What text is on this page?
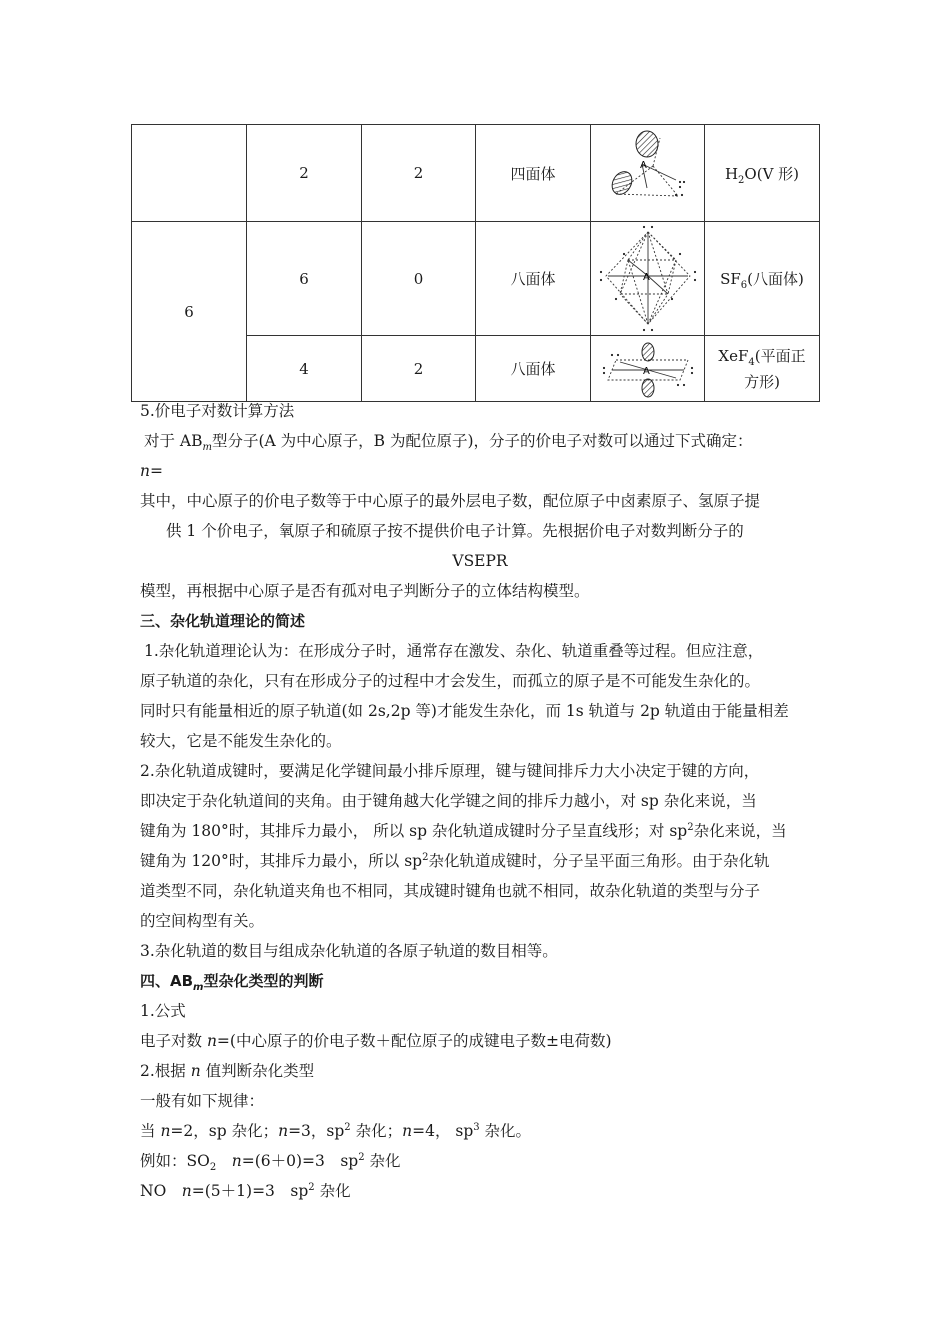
	2	2	四面体	A	$H_2O(V$ 形)
6	6	0	八面体	A	$SF_6$(八面体)
	4	2	八面体	A	XeF$_4$(平面正
方形)
5.价电子对数计算方法
对于 $AB_m$型分子(A 为中心原子，B 为配位原子)，分子的价电子对数可以通过下式确定：
n=
其中，中心原子的价电子数等于中心原子的最外层电子数，配位原子中卤素原子、氢原子提
供 1 个价电子，氧原子和硫原子按不提供价电子计算。先根据价电子对数判断分子的
VSEPR
模型，再根据中心原子是否有孤对电子判断分子的立体结构模型。
三、杂化轨道理论的简述
1.杂化轨道理论认为：在形成分子时，通常存在激发、杂化、轨道重叠等过程。但应注意，
原子轨道的杂化，只有在形成分子的过程中才会发生，而孤立的原子是不可能发生杂化的。
同时只有能量相近的原子轨道(如 2s,2p 等)才能发生杂化，而 1s 轨道与 2p 轨道由于能量相差
较大，它是不能发生杂化的。
2.杂化轨道成键时，要满足化学键间最小排斥原理，键与键间排斥力大小决定于键的方向，
即决定于杂化轨道间的夹角。由于键角越大化学键之间的排斥力越小，对 sp 杂化来说，当
键角为 180°时，其排斥力最小， 所以 sp 杂化轨道成键时分子呈直线形；对 $sp^2$杂化来说，当
键角为 120°时，其排斥力最小，所以 $sp^2$杂化轨道成键时，分子呈平面三角形。由于杂化轨
道类型不同，杂化轨道夹角也不相同，其成键时键角也就不相同，故杂化轨道的类型与分子
的空间构型有关。
3.杂化轨道的数目与组成杂化轨道的各原子轨道的数目相等。
四、$AB_m$型杂化类型的判断
1.公式
电子对数 n=(中心原子的价电子数＋配位原子的成键电子数±电荷数)
2.根据 n 值判断杂化类型
一般有如下规律：
当 n=2，sp 杂化；n=3，$sp^2$ 杂化；n=4， $sp^3$ 杂化。
例如：$SO_2$　 n=(6＋0)=3　$sp^2$ 杂化
NO　n=(5＋1)=3　$sp^2$ 杂化
